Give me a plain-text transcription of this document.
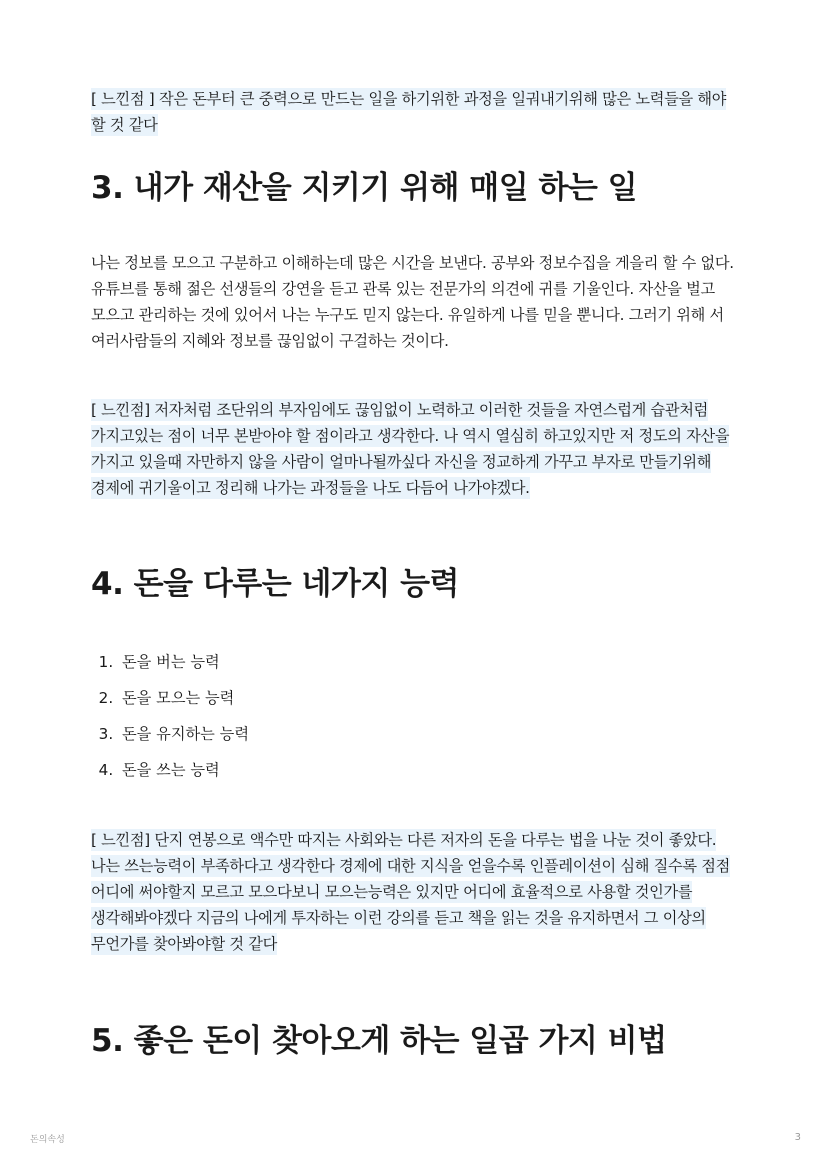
[ 느낀점 ] 작은 돈부터 큰 중력으로 만드는 일을 하기위한 과정을 일궈내기위해 많은 노력들을 해야 할 것 같다

3. 내가 재산을 지키기 위해 매일 하는 일

나는 정보를 모으고 구분하고 이해하는데 많은 시간을 보낸다. 공부와 정보수집을 게을리 할 수 없다. 유튜브를 통해 젊은 선생들의 강연을 듣고 관록 있는 전문가의 의견에 귀를 기울인다. 자산을 벌고 모으고 관리하는 것에 있어서 나는 누구도 믿지 않는다. 유일하게 나를 믿을 뿐니다. 그러기 위해 서 여러사람들의 지혜와 정보를 끊임없이 구걸하는 것이다.

[ 느낀점] 저자처럼 조단위의 부자임에도 끊임없이 노력하고 이러한 것들을 자연스럽게 습관처럼 가지고있는 점이 너무 본받아야 할 점이라고 생각한다. 나 역시 열심히 하고있지만 저 정도의 자산을 가지고 있을때 자만하지 않을 사람이 얼마나될까싶다 자신을 정교하게 가꾸고 부자로 만들기위해 경제에 귀기울이고 정리해 나가는 과정들을 나도 다듬어 나가야겠다.

4. 돈을 다루는 네가지 능력
1. 돈을 버는 능력
2. 돈을 모으는 능력
3. 돈을 유지하는 능력
4. 돈을 쓰는 능력

[ 느낀점] 단지 연봉으로 액수만 따지는 사회와는 다른 저자의 돈을 다루는 법을 나눈 것이 좋았다. 나는 쓰는능력이 부족하다고 생각한다 경제에 대한 지식을 얻을수록 인플레이션이 심해 질수록 점점 어디에 써야할지 모르고 모으다보니 모으는능력은 있지만 어디에 효율적으로 사용할 것인가를 생각해봐야겠다 지금의 나에게 투자하는 이런 강의를 듣고 책을 읽는 것을 유지하면서 그 이상의 무언가를 찾아봐야할 것 같다

5. 좋은 돈이 찾아오게 하는 일곱 가지 비법
돈의속성	3
